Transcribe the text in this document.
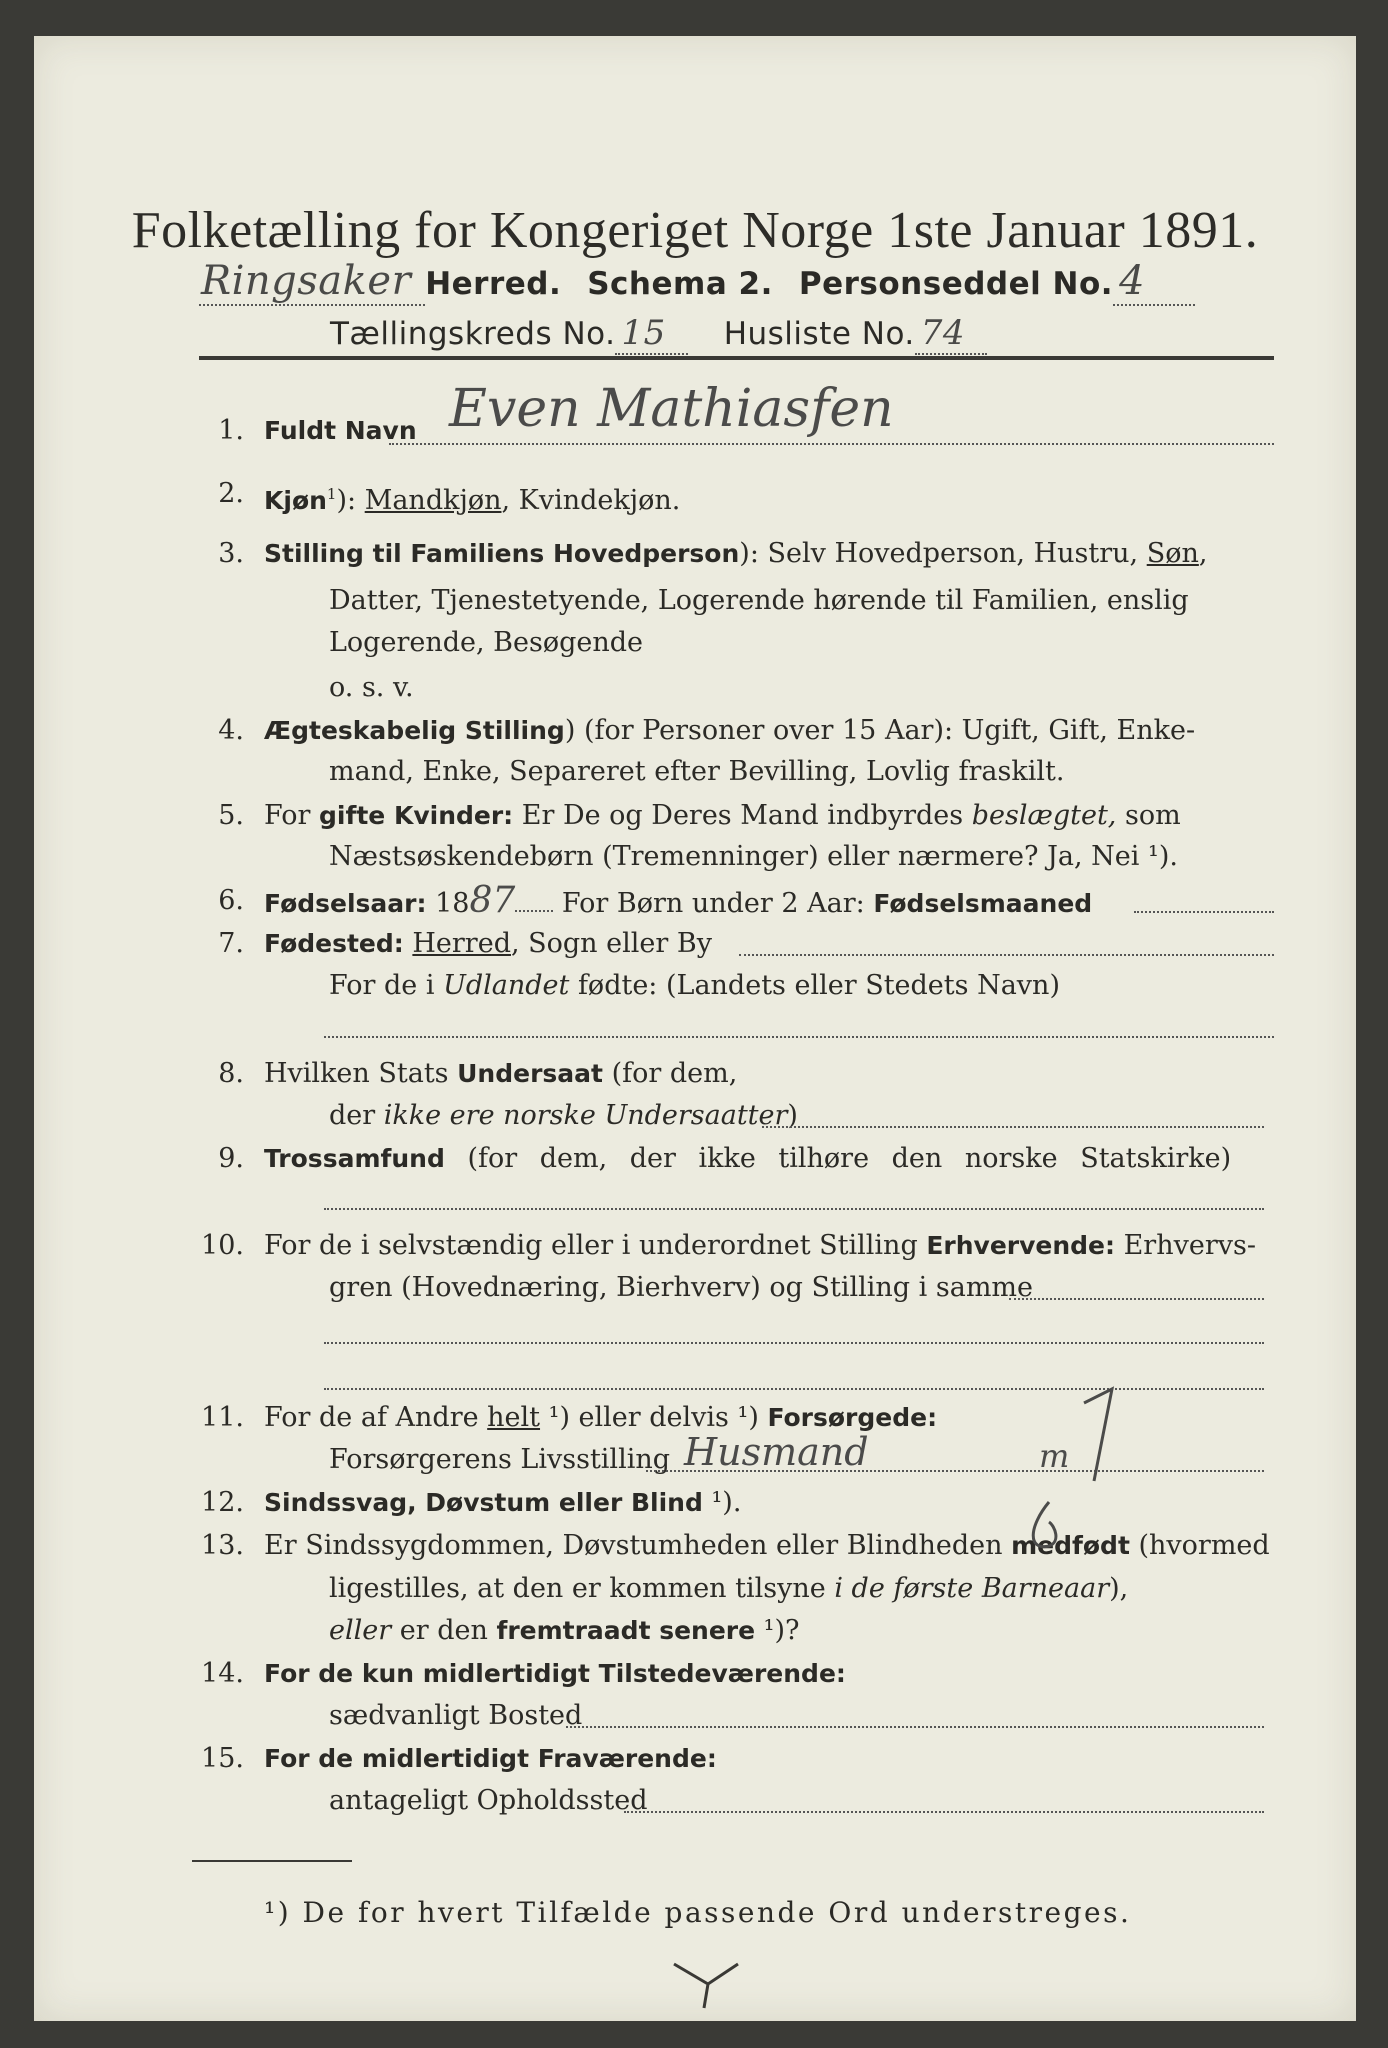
Folketælling for Kongeriget Norge 1ste Januar 1891.
Ringsaker Herred. Schema 2. Personseddel No. 4
Tællingskreds No. 15	Husliste No. 74
1. Fuldt Navn Even Mathiasfen
2. Kjøn$^1$): Mandkjøn, Kvindekjøn.
3. Stilling til Familiens Hovedperson): Selv Hovedperson, Hustru, Søn,
Datter, Tjenestetyende, Logerende hørende til Familien, enslig
Logerende, Besøgende
o. s. v.
4. Ægteskabelig Stilling) (for Personer over 15 Aar): Ugift, Gift, Enke-
mand, Enke, Separeret efter Bevilling, Lovlig fraskilt.
5. For gifte Kvinder: Er De og Deres Mand indbyrdes beslægtet, som
Næstsøskendebørn (Tremenninger) eller nærmere? Ja, Nei ¹).
6. Fødselsaar: 1887 For Børn under 2 Aar: Fødselsmaaned
7. Fødested: Herred, Sogn eller By
For de i Udlandet fødte: (Landets eller Stedets Navn)
8. Hvilken Stats Undersaat (for dem,
der ikke ere norske Undersaatter)
9. Trossamfund (for dem, der ikke tilhøre den norske Statskirke)
10. For de i selvstændig eller i underordnet Stilling Erhvervende: Erhvervs-
gren (Hovednæring, Bierhverv) og Stilling i samme
11. For de af Andre helt ¹) eller delvis ¹) Forsørgede:
Forsørgerens Livsstilling Husmand	m
12. Sindssvag, Døvstum eller Blind ¹).
13. Er Sindssygdommen, Døvstumheden eller Blindheden medfødt (hvormed
ligestilles, at den er kommen tilsyne i de første Barneaar),
eller er den fremtraadt senere ¹)?
14. For de kun midlertidigt Tilstedeværende:
sædvanligt Bosted
15. For de midlertidigt Fraværende:
antageligt Opholdssted
¹) De for hvert Tilfælde passende Ord understreges.
